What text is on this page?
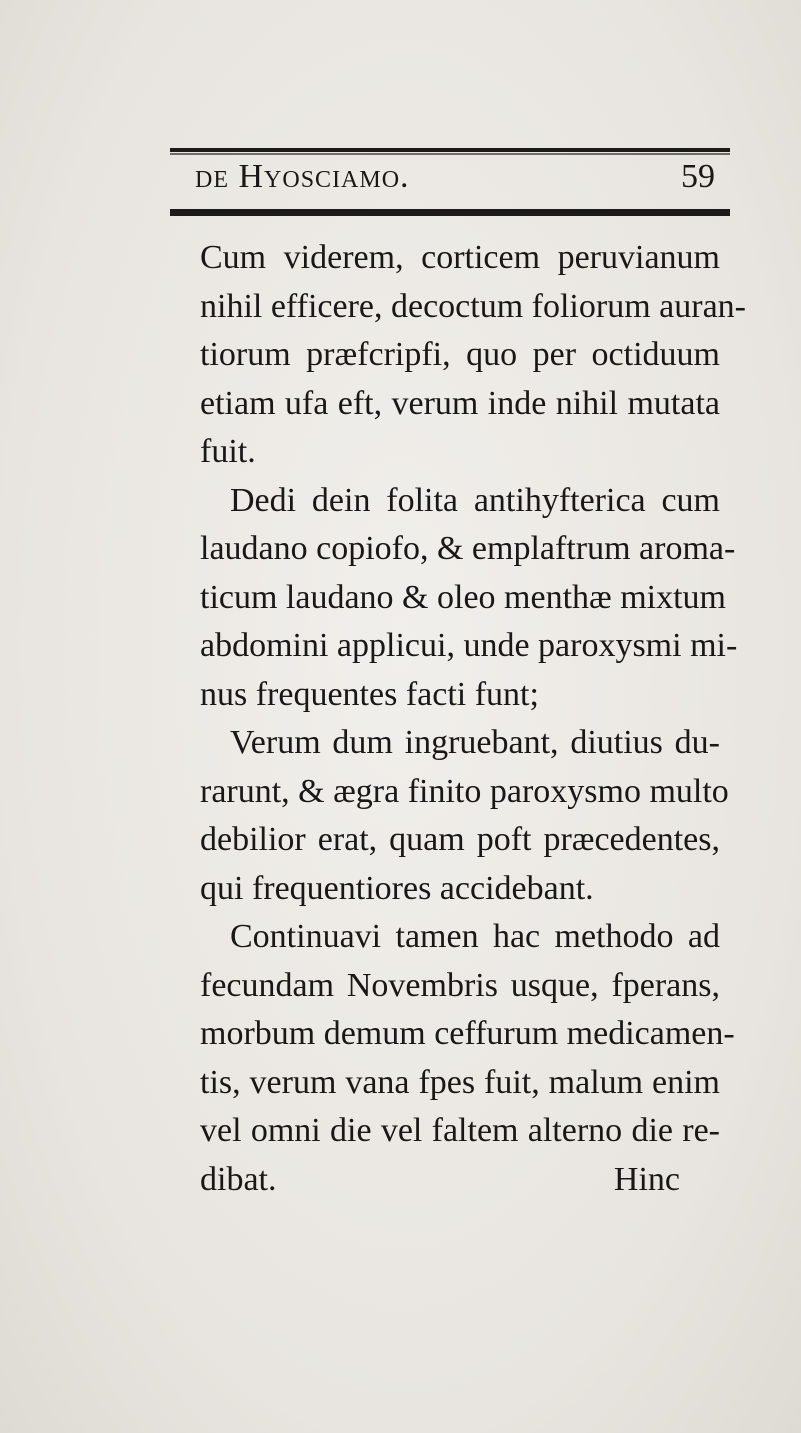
de Hyosciamo.	59
Cum viderem, corticem peruvianum
nihil efficere, decoctum foliorum auran-
tiorum præfcripfi, quo per octiduum
etiam ufa eft, verum inde nihil mutata
fuit.
Dedi dein folita antihyfterica cum
laudano copiofo, & emplaftrum aroma-
ticum laudano & oleo menthæ mixtum
abdomini applicui, unde paroxysmi mi-
nus frequentes facti funt;
Verum dum ingruebant, diutius du-
rarunt, & ægra finito paroxysmo multo
debilior erat, quam poft præcedentes,
qui frequentiores accidebant.
Continuavi tamen hac methodo ad
fecundam Novembris usque, fperans,
morbum demum ceffurum medicamen-
tis, verum vana fpes fuit, malum enim
vel omni die vel faltem alterno die re-
dibat.	Hinc
